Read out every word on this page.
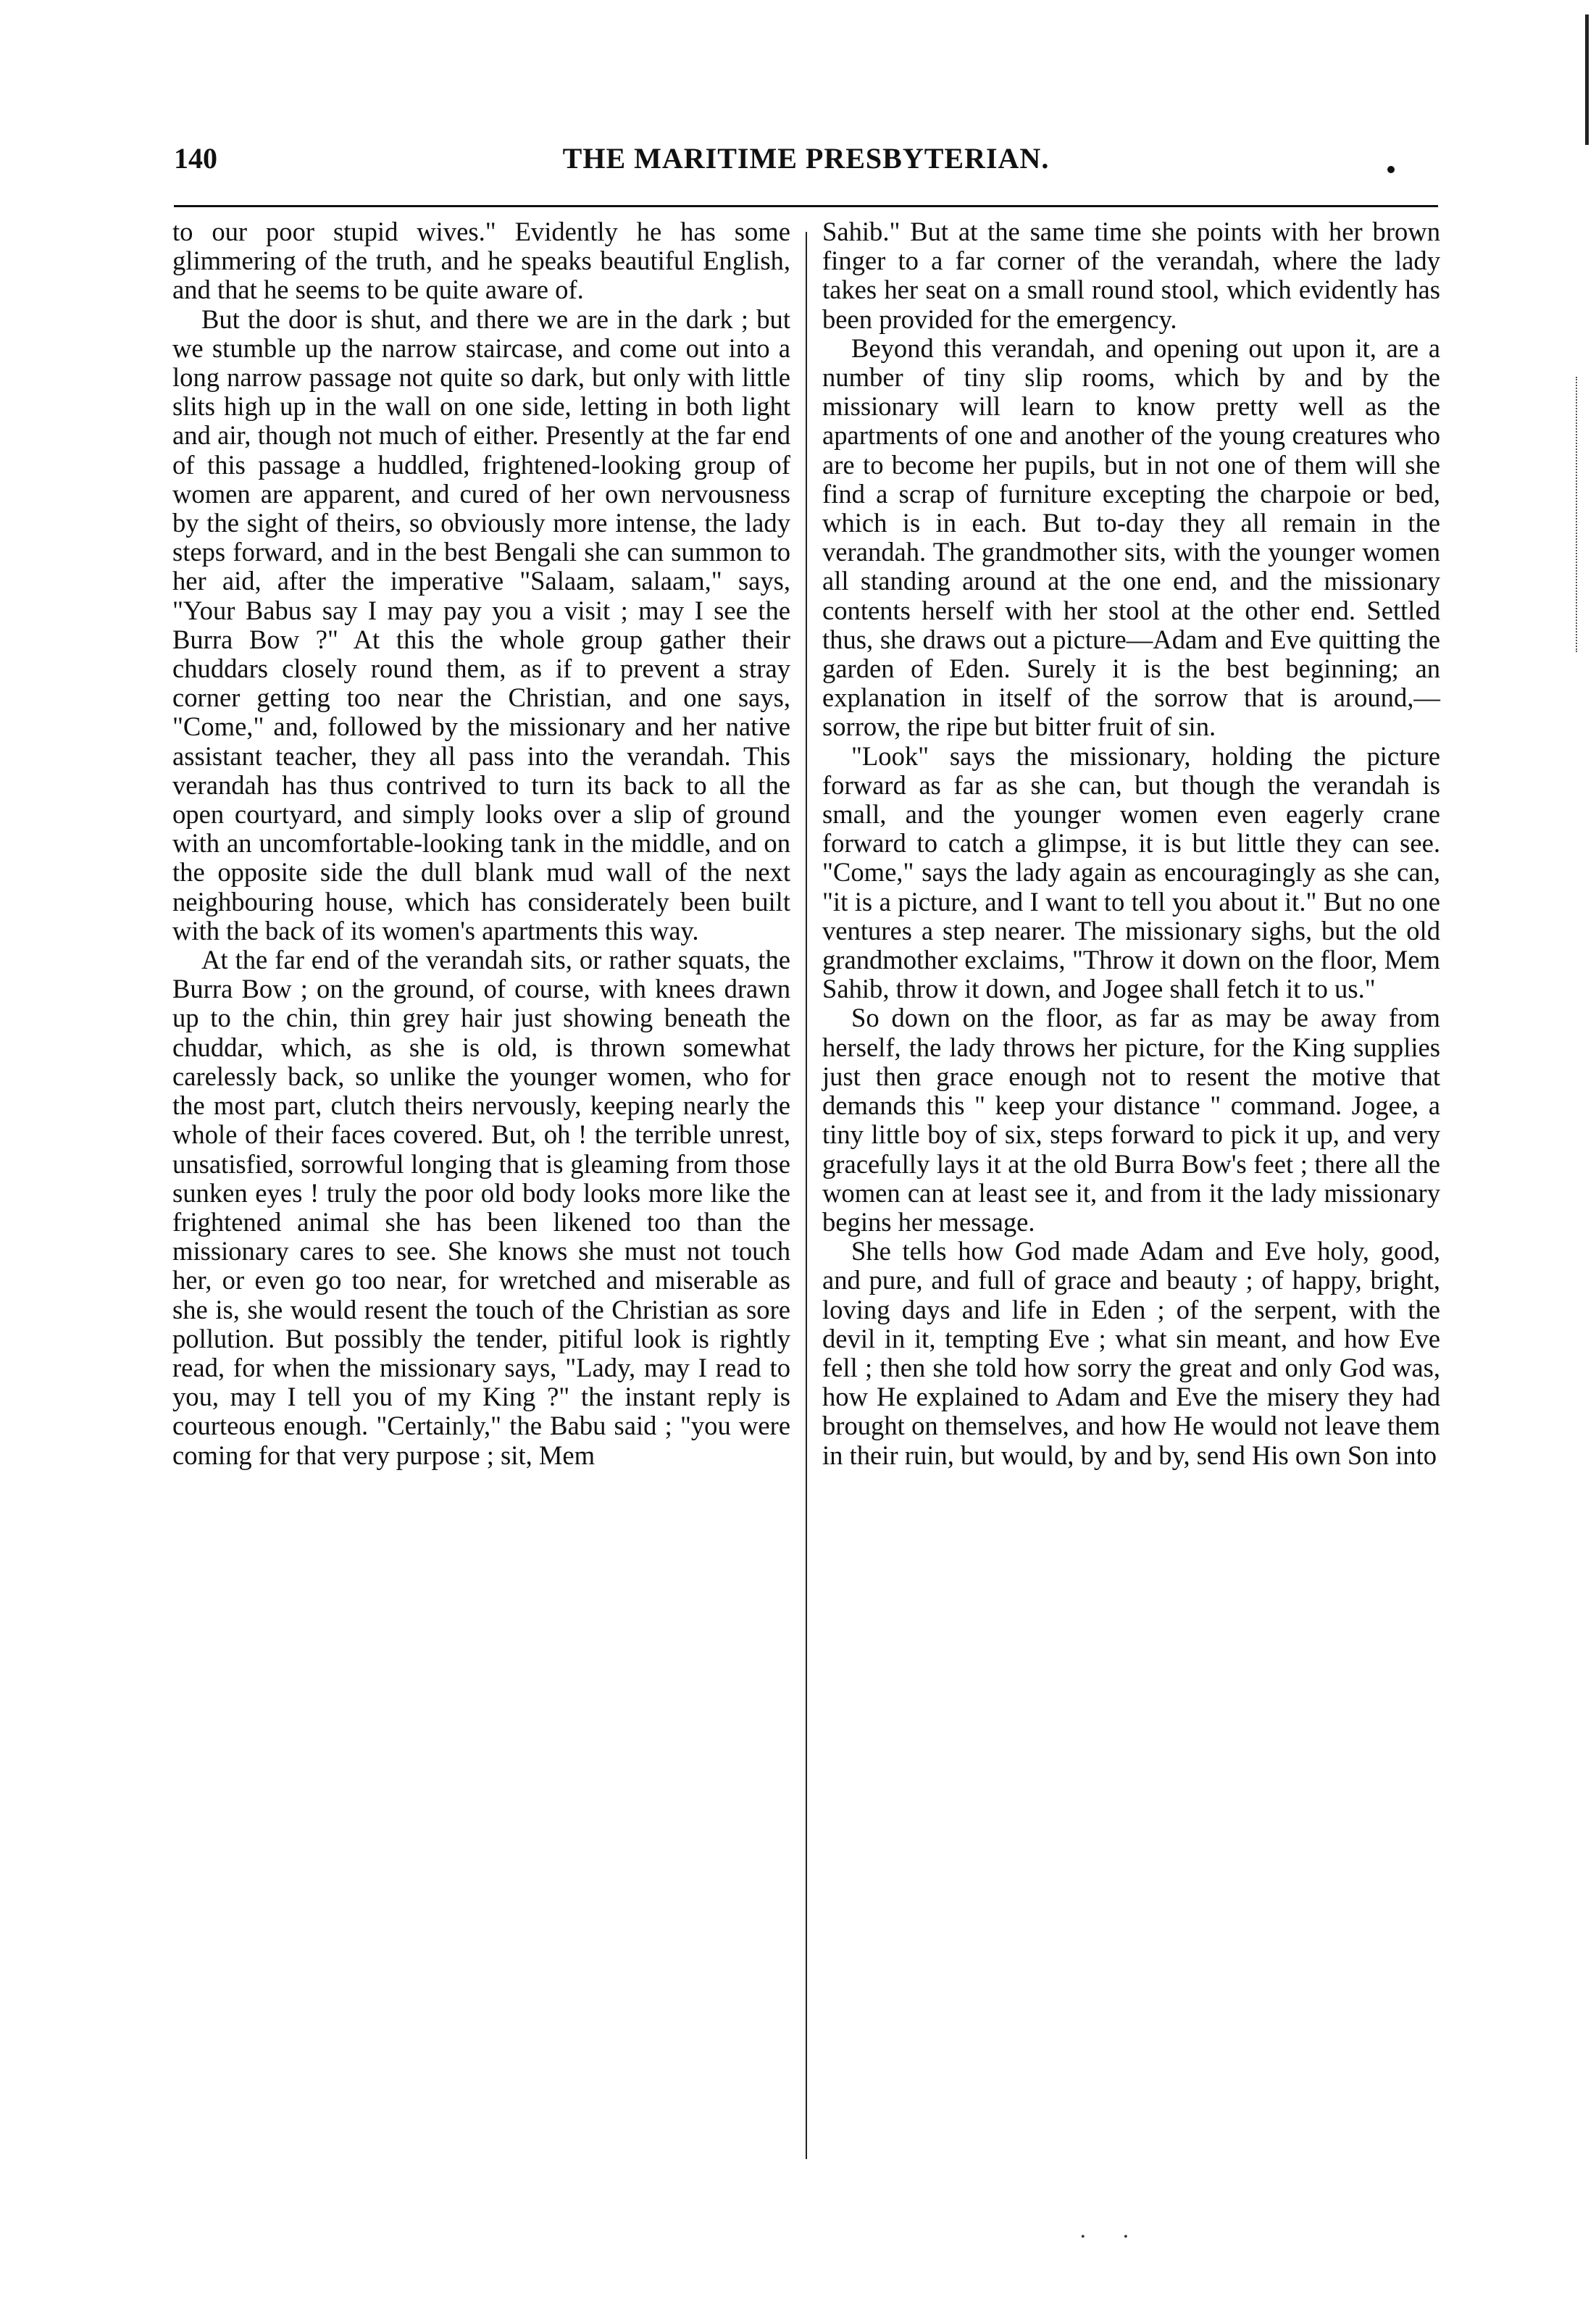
140	THE MARITIME PRESBYTERIAN.

to our poor stupid wives." Evidently he has some glimmering of the truth, and he speaks beautiful English, and that he seems to be quite aware of.

But the door is shut, and there we are in the dark ; but we stumble up the narrow staircase, and come out into a long narrow passage not quite so dark, but only with little slits high up in the wall on one side, letting in both light and air, though not much of either. Presently at the far end of this passage a huddled, frightened-looking group of women are apparent, and cured of her own nervousness by the sight of theirs, so obviously more intense, the lady steps forward, and in the best Bengali she can summon to her aid, after the imperative "Salaam, salaam," says, "Your Babus say I may pay you a visit ; may I see the Burra Bow ?" At this the whole group gather their chuddars closely round them, as if to prevent a stray corner getting too near the Christian, and one says, "Come," and, followed by the missionary and her native assistant teacher, they all pass into the verandah. This verandah has thus contrived to turn its back to all the open courtyard, and simply looks over a slip of ground with an uncomfortable-looking tank in the middle, and on the opposite side the dull blank mud wall of the next neighbouring house, which has considerately been built with the back of its women's apartments this way.

At the far end of the verandah sits, or rather squats, the Burra Bow ; on the ground, of course, with knees drawn up to the chin, thin grey hair just showing beneath the chuddar, which, as she is old, is thrown somewhat carelessly back, so unlike the younger women, who for the most part, clutch theirs nervously, keeping nearly the whole of their faces covered. But, oh ! the terrible unrest, unsatisfied, sorrowful longing that is gleaming from those sunken eyes ! truly the poor old body looks more like the frightened animal she has been likened too than the missionary cares to see. She knows she must not touch her, or even go too near, for wretched and miserable as she is, she would resent the touch of the Christian as sore pollution. But possibly the tender, pitiful look is rightly read, for when the missionary says, "Lady, may I read to you, may I tell you of my King ?" the instant reply is courteous enough. "Certainly," the Babu said ; "you were coming for that very purpose ; sit, Mem

Sahib." But at the same time she points with her brown finger to a far corner of the verandah, where the lady takes her seat on a small round stool, which evidently has been provided for the emergency.

Beyond this verandah, and opening out upon it, are a number of tiny slip rooms, which by and by the missionary will learn to know pretty well as the apartments of one and another of the young creatures who are to become her pupils, but in not one of them will she find a scrap of furniture excepting the charpoie or bed, which is in each. But to-day they all remain in the verandah. The grandmother sits, with the younger women all standing around at the one end, and the missionary contents herself with her stool at the other end. Settled thus, she draws out a picture—Adam and Eve quitting the garden of Eden. Surely it is the best beginning; an explanation in itself of the sorrow that is around,—sorrow, the ripe but bitter fruit of sin.

"Look" says the missionary, holding the picture forward as far as she can, but though the verandah is small, and the younger women even eagerly crane forward to catch a glimpse, it is but little they can see. "Come," says the lady again as encouragingly as she can, "it is a picture, and I want to tell you about it." But no one ventures a step nearer. The missionary sighs, but the old grandmother exclaims, "Throw it down on the floor, Mem Sahib, throw it down, and Jogee shall fetch it to us."

So down on the floor, as far as may be away from herself, the lady throws her picture, for the King supplies just then grace enough not to resent the motive that demands this " keep your distance " command. Jogee, a tiny little boy of six, steps forward to pick it up, and very gracefully lays it at the old Burra Bow's feet ; there all the women can at least see it, and from it the lady missionary begins her message.

She tells how God made Adam and Eve holy, good, and pure, and full of grace and beauty ; of happy, bright, loving days and life in Eden ; of the serpent, with the devil in it, tempting Eve ; what sin meant, and how Eve fell ; then she told how sorry the great and only God was, how He explained to Adam and Eve the misery they had brought on themselves, and how He would not leave them in their ruin, but would, by and by, send His own Son into

· ·
